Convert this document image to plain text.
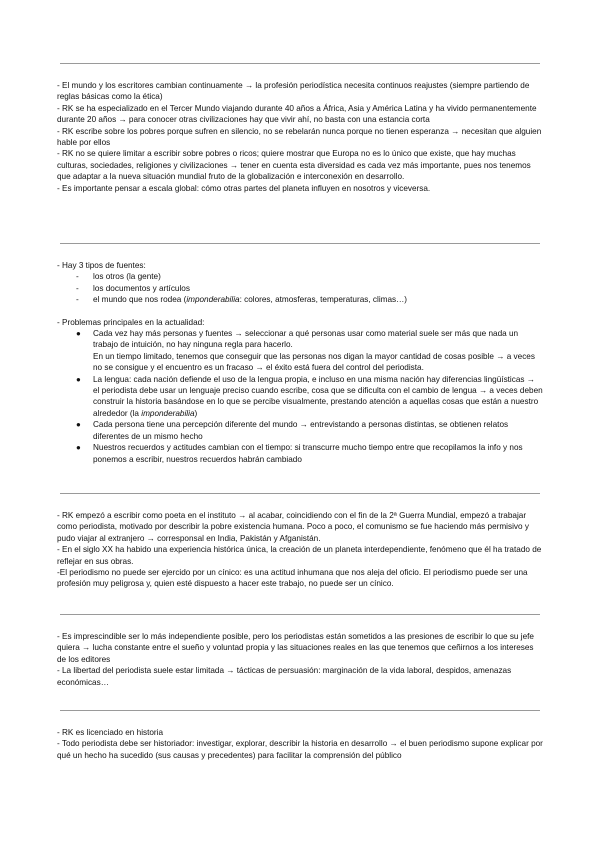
- El mundo y los escritores cambian continuamente → la profesión periodística necesita continuos reajustes (siempre partiendo de reglas básicas como la ética)

- RK se ha especializado en el Tercer Mundo viajando durante 40 años a África, Asia y América Latina y ha vivido permanentemente durante 20 años → para conocer otras civilizaciones hay que vivir ahí, no basta con una estancia corta

- RK escribe sobre los pobres porque sufren en silencio, no se rebelarán nunca porque no tienen esperanza → necesitan que alguien hable por ellos

- RK no se quiere limitar a escribir sobre pobres o ricos; quiere mostrar que Europa no es lo único que existe, que hay muchas culturas, sociedades, religiones y civilizaciones → tener en cuenta esta diversidad es cada vez más importante, pues nos tenemos que adaptar a la nueva situación mundial fruto de la globalización e interconexión en desarrollo.

- Es importante pensar a escala global: cómo otras partes del planeta influyen en nosotros y viceversa.

- Hay 3 tipos de fuentes:

- los otros (la gente)
- los documentos y artículos
- el mundo que nos rodea (imponderabilia: colores, atmosferas, temperaturas, climas…)

- Problemas principales en la actualidad:

● Cada vez hay más personas y fuentes → seleccionar a qué personas usar como material suele ser más que nada un trabajo de intuición, no hay ninguna regla para hacerlo.
En un tiempo limitado, tenemos que conseguir que las personas nos digan la mayor cantidad de cosas posible → a veces no se consigue y el encuentro es un fracaso → el éxito está fuera del control del periodista.
● La lengua: cada nación defiende el uso de la lengua propia, e incluso en una misma nación hay diferencias lingüísticas → el periodista debe usar un lenguaje preciso cuando escribe, cosa que se dificulta con el cambio de lengua → a veces deben construir la historia basándose en lo que se percibe visualmente, prestando atención a aquellas cosas que están a nuestro alrededor (la imponderabilia)
● Cada persona tiene una percepción diferente del mundo → entrevistando a personas distintas, se obtienen relatos diferentes de un mismo hecho
● Nuestros recuerdos y actitudes cambian con el tiempo: si transcurre mucho tiempo entre que recopilamos la info y nos ponemos a escribir, nuestros recuerdos habrán cambiado

- RK empezó a escribir como poeta en el instituto → al acabar, coincidiendo con el fin de la 2ª Guerra Mundial, empezó a trabajar como periodista, motivado por describir la pobre existencia humana. Poco a poco, el comunismo se fue haciendo más permisivo y pudo viajar al extranjero → corresponsal en India, Pakistán y Afganistán.

- En el siglo XX ha habido una experiencia histórica única, la creación de un planeta interdependiente, fenómeno que él ha tratado de reflejar en sus obras.

-El periodismo no puede ser ejercido por un cínico: es una actitud inhumana que nos aleja del oficio. El periodismo puede ser una profesión muy peligrosa y, quien esté dispuesto a hacer este trabajo, no puede ser un cínico.

- Es imprescindible ser lo más independiente posible, pero los periodistas están sometidos a las presiones de escribir lo que su jefe quiera → lucha constante entre el sueño y voluntad propia y las situaciones reales en las que tenemos que ceñirnos a los intereses de los editores

- La libertad del periodista suele estar limitada → tácticas de persuasión: marginación de la vida laboral, despidos, amenazas económicas…

- RK es licenciado en historia

- Todo periodista debe ser historiador: investigar, explorar, describir la historia en desarrollo → el buen periodismo supone explicar por qué un hecho ha sucedido (sus causas y precedentes) para facilitar la comprensión del público
